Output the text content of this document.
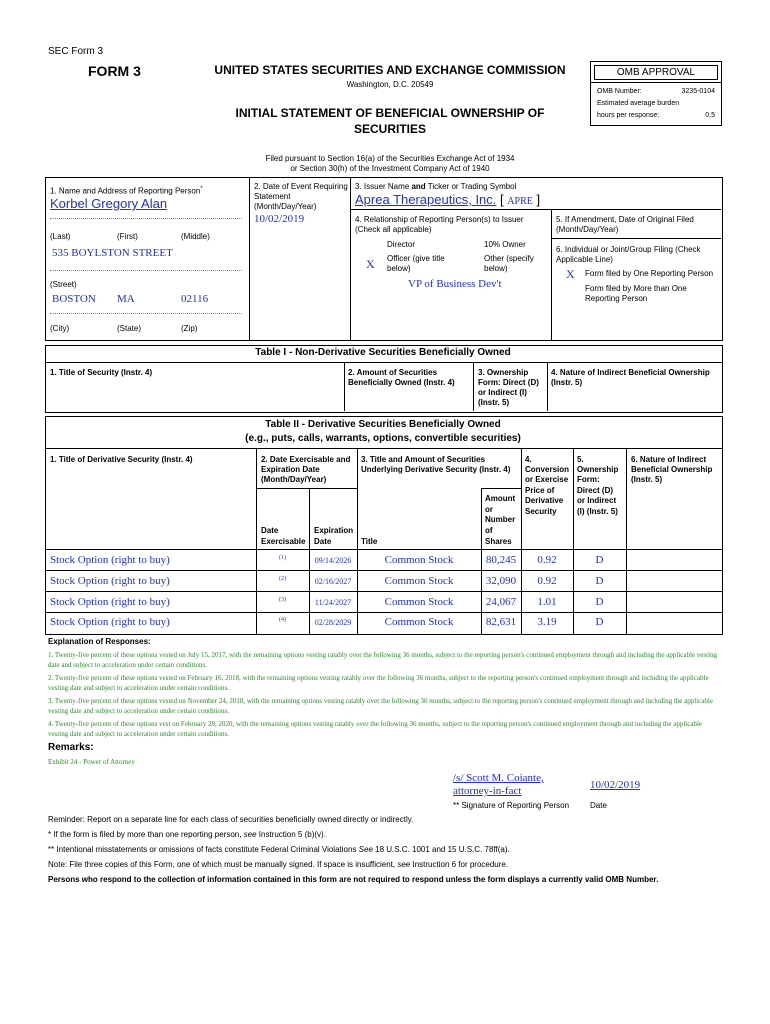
SEC Form 3
FORM 3	UNITED STATES SECURITIES AND EXCHANGE COMMISSION
Washington, D.C. 20549
INITIAL STATEMENT OF BENEFICIAL OWNERSHIP OF
SECURITIES
Filed pursuant to Section 16(a) of the Securities Exchange Act of 1934
or Section 30(h) of the Investment Company Act of 1940
OMB APPROVAL
OMB Number:	3235-0104
Estimated average burden
hours per response:	0.5
1. Name and Address of Reporting Person*
Korbel Gregory Alan
(Last)	(First)	(Middle)
535 BOYLSTON STREET
(Street)
BOSTON MA	02116
(City)	(State)	(Zip)
2. Date of Event Requiring
Statement
(Month/Day/Year)
10/02/2019
3. Issuer Name and Ticker or Trading Symbol
Aprea Therapeutics, Inc. [ APRE ]
4. Relationship of Reporting Person(s) to Issuer
(Check all applicable)
Director	10% Owner
X Officer (give title
below)
Other (specify
below)
VP of Business Dev't
5. If Amendment, Date of Original Filed
(Month/Day/Year)
6. Individual or Joint/Group Filing (Check
Applicable Line)
X Form filed by One Reporting Person
Form filed by More than One
Reporting Person
Table I - Non-Derivative Securities Beneficially Owned
1. Title of Security (Instr. 4)	2. Amount of Securities
Beneficially Owned (Instr. 4)
3. Ownership
Form: Direct (D)
or Indirect (I)
(Instr. 5)
4. Nature of Indirect Beneficial Ownership
(Instr. 5)
Table II - Derivative Securities Beneficially Owned
(e.g., puts, calls, warrants, options, convertible securities)
1. Title of Derivative Security (Instr. 4)	2. Date Exercisable and
Expiration Date
(Month/Day/Year)
3. Title and Amount of Securities
Underlying Derivative Security (Instr. 4)
4.
Conversion
or Exercise
Price of
Derivative
Security
5.
Ownership
Form:
Direct (D)
or Indirect
(I) (Instr. 5)
6. Nature of Indirect
Beneficial Ownership
(Instr. 5)
Date
Exercisable
Expiration
Date	Title
Amount
or
Number
of
Shares
Stock Option (right to buy)	(1)	09/14/2026	Common Stock	80,245	0.92	D
Stock Option (right to buy)	(2)	02/16/2027	Common Stock	32,090	0.92	D
Stock Option (right to buy)	(3)	11/24/2027	Common Stock	24,067	1.01	D
Stock Option (right to buy)	(4)	02/28/2029	Common Stock	82,631	3.19	D
Explanation of Responses:
1. Twenty-five percent of these options vested on July 15, 2017, with the remaining options vesting ratably over the following 36 months, subject to the reporting person's continued employment through and including the applicable vesting date and subject to acceleration under certain conditions.
2. Twenty-five percent of these options vested on February 16, 2018, with the remaining options vesting ratably over the following 36 months, subject to the reporting person's continued employment through and including the applicable vesting date and subject to acceleration under certain conditions.
3. Twenty-five percent of these options vested on November 24, 2018, with the remaining options vesting ratably over the following 36 months, subject to the reporting person's continued employment through and including the applicable vesting date and subject to acceleration under certain conditions.
4. Twenty-five percent of these options vest on February 28, 2020, with the remaining options vesting ratably over the following 36 months, subject to the reporting person's continued employment through and including the applicable vesting date and subject to acceleration under certain conditions.
Remarks:
Exhibit 24 - Power of Attorney
/s/ Scott M. Coiante, attorney-in-fact	10/02/2019
** Signature of Reporting Person	Date
Reminder: Report on a separate line for each class of securities beneficially owned directly or indirectly.
* If the form is filed by more than one reporting person, see Instruction 5 (b)(v).
** Intentional misstatements or omissions of facts constitute Federal Criminal Violations See 18 U.S.C. 1001 and 15 U.S.C. 78ff(a).
Note: File three copies of this Form, one of which must be manually signed. If space is insufficient, see Instruction 6 for procedure.
Persons who respond to the collection of information contained in this form are not required to respond unless the form displays a currently valid OMB Number.
